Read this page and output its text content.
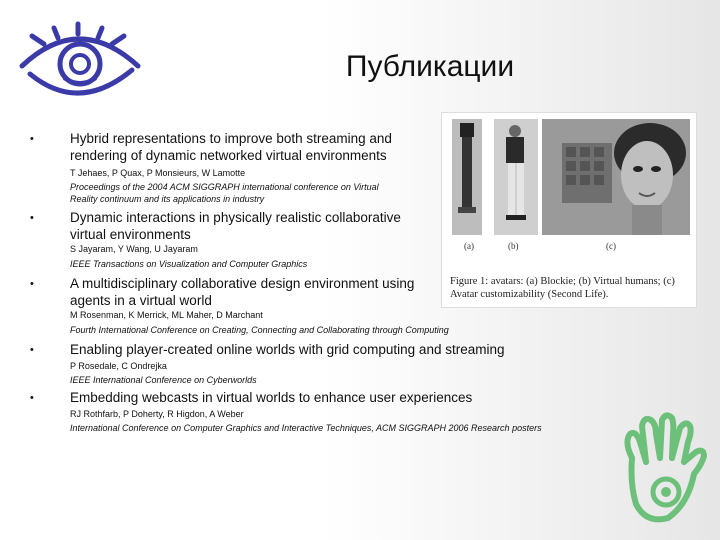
Публикации
•	Hybrid representations to improve both streaming and rendering of dynamic networked virtual environments
T Jehaes, P Quax, P Monsieurs, W Lamotte
Proceedings of the 2004 ACM SIGGRAPH international conference on Virtual Reality continuum and its applications in industry
•	Dynamic interactions in physically realistic collaborative virtual environments
S Jayaram, Y Wang, U Jayaram
IEEE Transactions on Visualization and Computer Graphics
•	A multidisciplinary collaborative design environment using agents in a virtual world
M Rosenman, K Merrick, ML Maher, D Marchant
Fourth International Conference on Creating, Connecting and Collaborating through Computing
•	Enabling player-created online worlds with grid computing and streaming
P Rosedale, C Ondrejka
IEEE International Conference on Cyberworlds
•	Embedding webcasts in virtual worlds to enhance user experiences
RJ Rothfarb, P Doherty, R Higdon, A Weber
International Conference on Computer Graphics and Interactive Techniques, ACM SIGGRAPH 2006 Research posters
(a)	(b)	(c)
Figure 1: avatars: (a) Blockie; (b) Virtual humans; (c) Avatar customizability (Second Life).
